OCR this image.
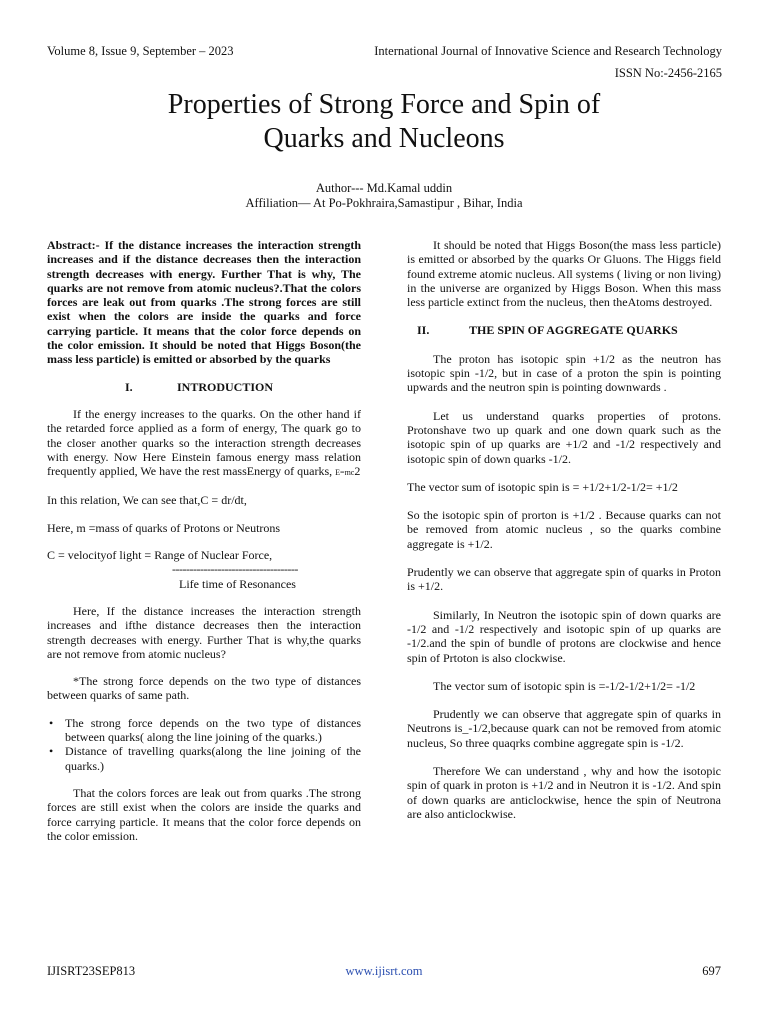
Volume 8, Issue 9, September – 2023	International Journal of Innovative Science and Research Technology
ISSN No:-2456-2165
Properties of Strong Force and Spin of
Quarks and Nucleons
Author--- Md.Kamal uddin
Affiliation— At Po-Pokhraira,Samastipur , Bihar, India

Abstract:- If the distance increases the interaction strength increases and if the distance decreases then the interaction strength decreases with energy. Further That is why, The quarks are not remove from atomic nucleus?.That the colors forces are leak out from quarks .The strong forces are still exist when the colors are inside the quarks and force carrying particle. It means that the color force depends on the color emission. It should be noted that Higgs Boson(the mass less particle) is emitted or absorbed by the quarks

I.	INTRODUCTION

If the energy increases to the quarks. On the other hand if the retarded force applied as a form of energy, The quark go to the closer another quarks so the interaction strength decreases with energy. Now Here Einstein famous energy mass relation frequently applied, We have the rest massEnergy of quarks, E=mc2

In this relation, We can see that,C = dr/dt,

Here, m =mass of quarks of Protons or Neutrons

C = velocityof light = Range of Nuclear Force,
------------------------------------
Life time of Resonances

Here, If the distance increases the interaction strength increases and ifthe distance decreases then the interaction strength decreases with energy. Further That is why,the quarks are not remove from atomic nucleus?

*The strong force depends on the two type of distances between quarks of same path.

• The strong force depends on the two type of distances between quarks( along the line joining of the quarks.)
• Distance of travelling quarks(along the line joining of the quarks.)

That the colors forces are leak out from quarks .The strong forces are still exist when the colors are inside the quarks and force carrying particle. It means that the color force depends on the color emission.

It should be noted that Higgs Boson(the mass less particle) is emitted or absorbed by the quarks Or Gluons. The Higgs field found extreme atomic nucleus. All systems ( living or non living) in the universe are organized by Higgs Boson. When this mass less particle extinct from the nucleus, then theAtoms destroyed.

II.	THE SPIN OF AGGREGATE QUARKS

The proton has isotopic spin +1/2 as the neutron has isotopic spin -1/2, but in case of a proton the spin is pointing upwards and the neutron spin is pointing downwards .

Let us understand quarks properties of protons. Protonshave two up quark and one down quark such as the isotopic spin of up quarks are +1/2 and -1/2 respectively and isotopic spin of down quarks -1/2.

The vector sum of isotopic spin is = +1/2+1/2-1/2= +1/2

So the isotopic spin of prorton is +1/2 . Because quarks can not be removed from atomic nucleus , so the quarks combine aggregate is +1/2.

Prudently we can observe that aggregate spin of quarks in Proton is +1/2.

Similarly, In Neutron the isotopic spin of down quarks are -1/2 and -1/2 respectively and isotopic spin of up quarks are -1/2.and the spin of bundle of protons are clockwise and hence spin of Prtoton is also clockwise.

The vector sum of isotopic spin is =-1/2-1/2+1/2= -1/2

Prudently we can observe that aggregate spin of quarks in Neutrons is_-1/2,because quark can not be removed from atomic nucleus, So three quaqrks combine aggregate spin is -1/2.

Therefore We can understand , why and how the isotopic spin of quark in proton is +1/2 and in Neutron it is -1/2. And spin of down quarks are anticlockwise, hence the spin of Neutrona are also anticlockwise.

IJISRT23SEP813	www.ijisrt.com	697
